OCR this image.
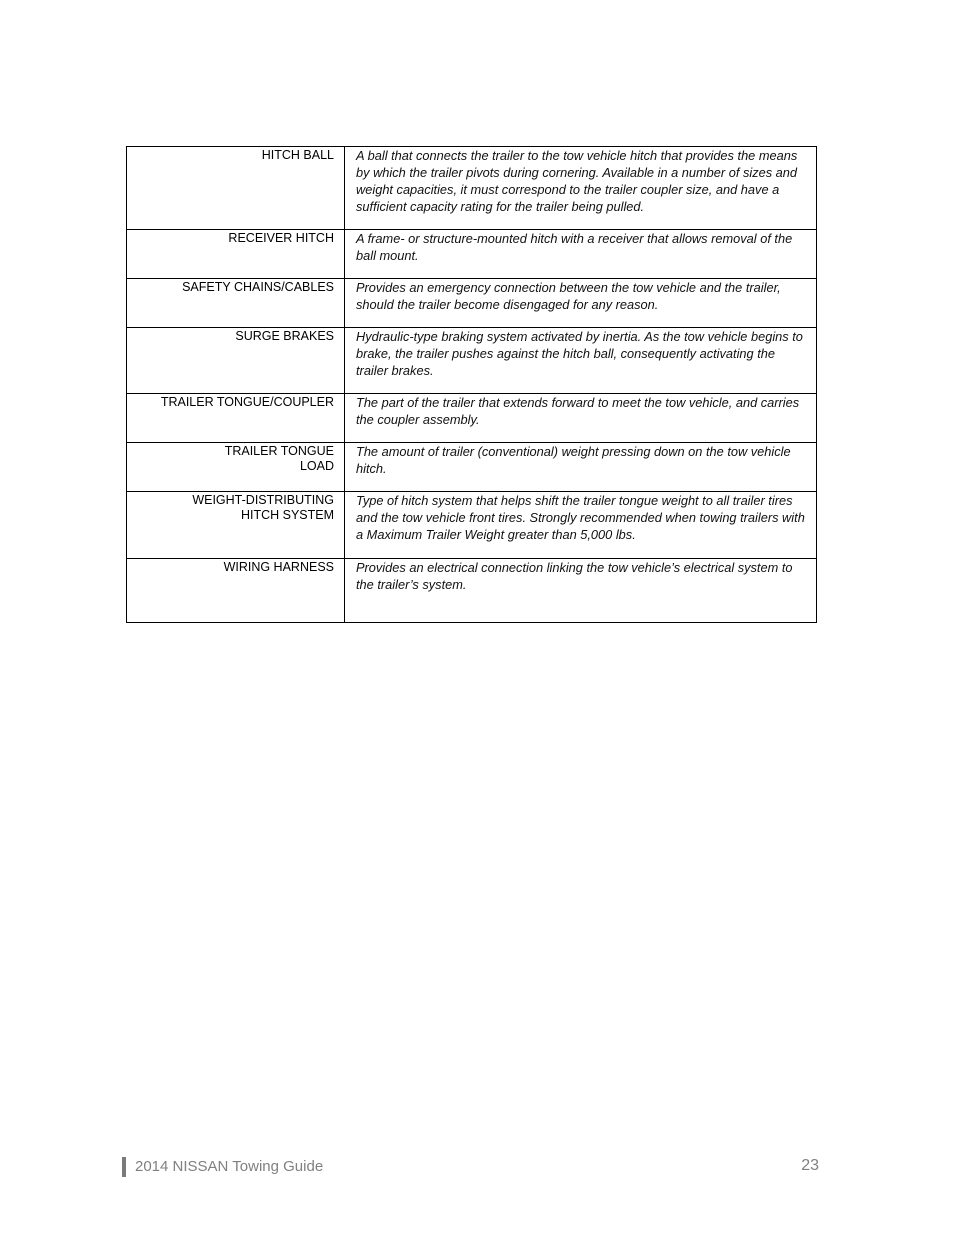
HITCH BALL	A ball that connects the trailer to the tow vehicle hitch that provides the means by which the trailer pivots during cornering. Available in a number of sizes and weight capacities, it must correspond to the trailer coupler size, and have a sufficient capacity rating for the trailer being pulled.
RECEIVER HITCH	A frame- or structure-mounted hitch with a receiver that allows removal of the ball mount.
SAFETY CHAINS/CABLES	Provides an emergency connection between the tow vehicle and the trailer, should the trailer become disengaged for any reason.
SURGE BRAKES	Hydraulic-type braking system activated by inertia. As the tow vehicle begins to brake, the trailer pushes against the hitch ball, consequently activating the trailer brakes.
TRAILER TONGUE/COUPLER	The part of the trailer that extends forward to meet the tow vehicle, and carries the coupler assembly.
TRAILER TONGUE LOAD	The amount of trailer (conventional) weight pressing down on the tow vehicle hitch.
WEIGHT-DISTRIBUTING HITCH SYSTEM	Type of hitch system that helps shift the trailer tongue weight to all trailer tires and the tow vehicle front tires. Strongly recommended when towing trailers with a Maximum Trailer Weight greater than 5,000 lbs.
WIRING HARNESS	Provides an electrical connection linking the tow vehicle’s electrical system to the trailer’s system.
2014 NISSAN Towing Guide	23
